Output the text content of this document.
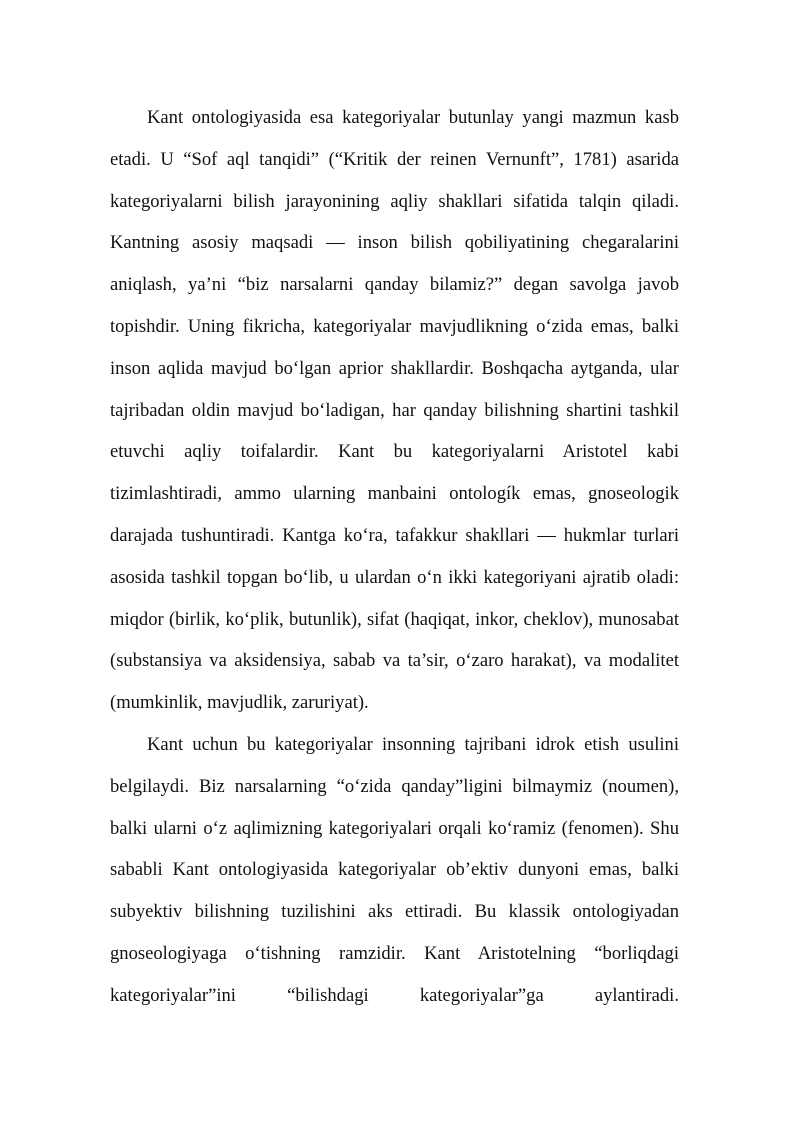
Kant ontologiyasida esa kategoriyalar butunlay yangi mazmun kasb etadi. U “Sof aql tanqidi” (“Kritik der reinen Vernunft”, 1781) asarida kategoriyalarni bilish jarayonining aqliy shakllari sifatida talqin qiladi. Kantning asosiy maqsadi — inson bilish qobiliyatining chegaralarini aniqlash, ya’ni “biz narsalarni qanday bilamiz?” degan savolga javob topishdir. Uning fikricha, kategoriyalar mavjudlikning o‘zida emas, balki inson aqlida mavjud bo‘lgan aprior shakllardir. Boshqacha aytganda, ular tajribadan oldin mavjud bo‘ladigan, har qanday bilishning shartini tashkil etuvchi aqliy toifalardir. Kant bu kategoriyalarni Aristotel kabi tizimlashtiradi, ammo ularning manbaini ontologík emas, gnoseologik darajada tushuntiradi. Kantga ko‘ra, tafakkur shakllari — hukmlar turlari asosida tashkil topgan bo‘lib, u ulardan o‘n ikki kategoriyani ajratib oladi: miqdor (birlik, ko‘plik, butunlik), sifat (haqiqat, inkor, cheklov), munosabat (substansiya va aksidensiya, sabab va ta’sir, o‘zaro harakat), va modalitet (mumkinlik, mavjudlik, zaruriyat).

Kant uchun bu kategoriyalar insonning tajribani idrok etish usulini belgilaydi. Biz narsalarning “o‘zida qanday”ligini bilmaymiz (noumen), balki ularni o‘z aqlimizning kategoriyalari orqali ko‘ramiz (fenomen). Shu sababli Kant ontologiyasida kategoriyalar ob’ektiv dunyoni emas, balki subyektiv bilishning tuzilishini aks ettiradi. Bu klassik ontologiyadan gnoseologiyaga o‘tishning ramzidir. Kant Aristotelning “borliqdagi kategoriyalar”ini “bilishdagi kategoriyalar”ga aylantiradi.
